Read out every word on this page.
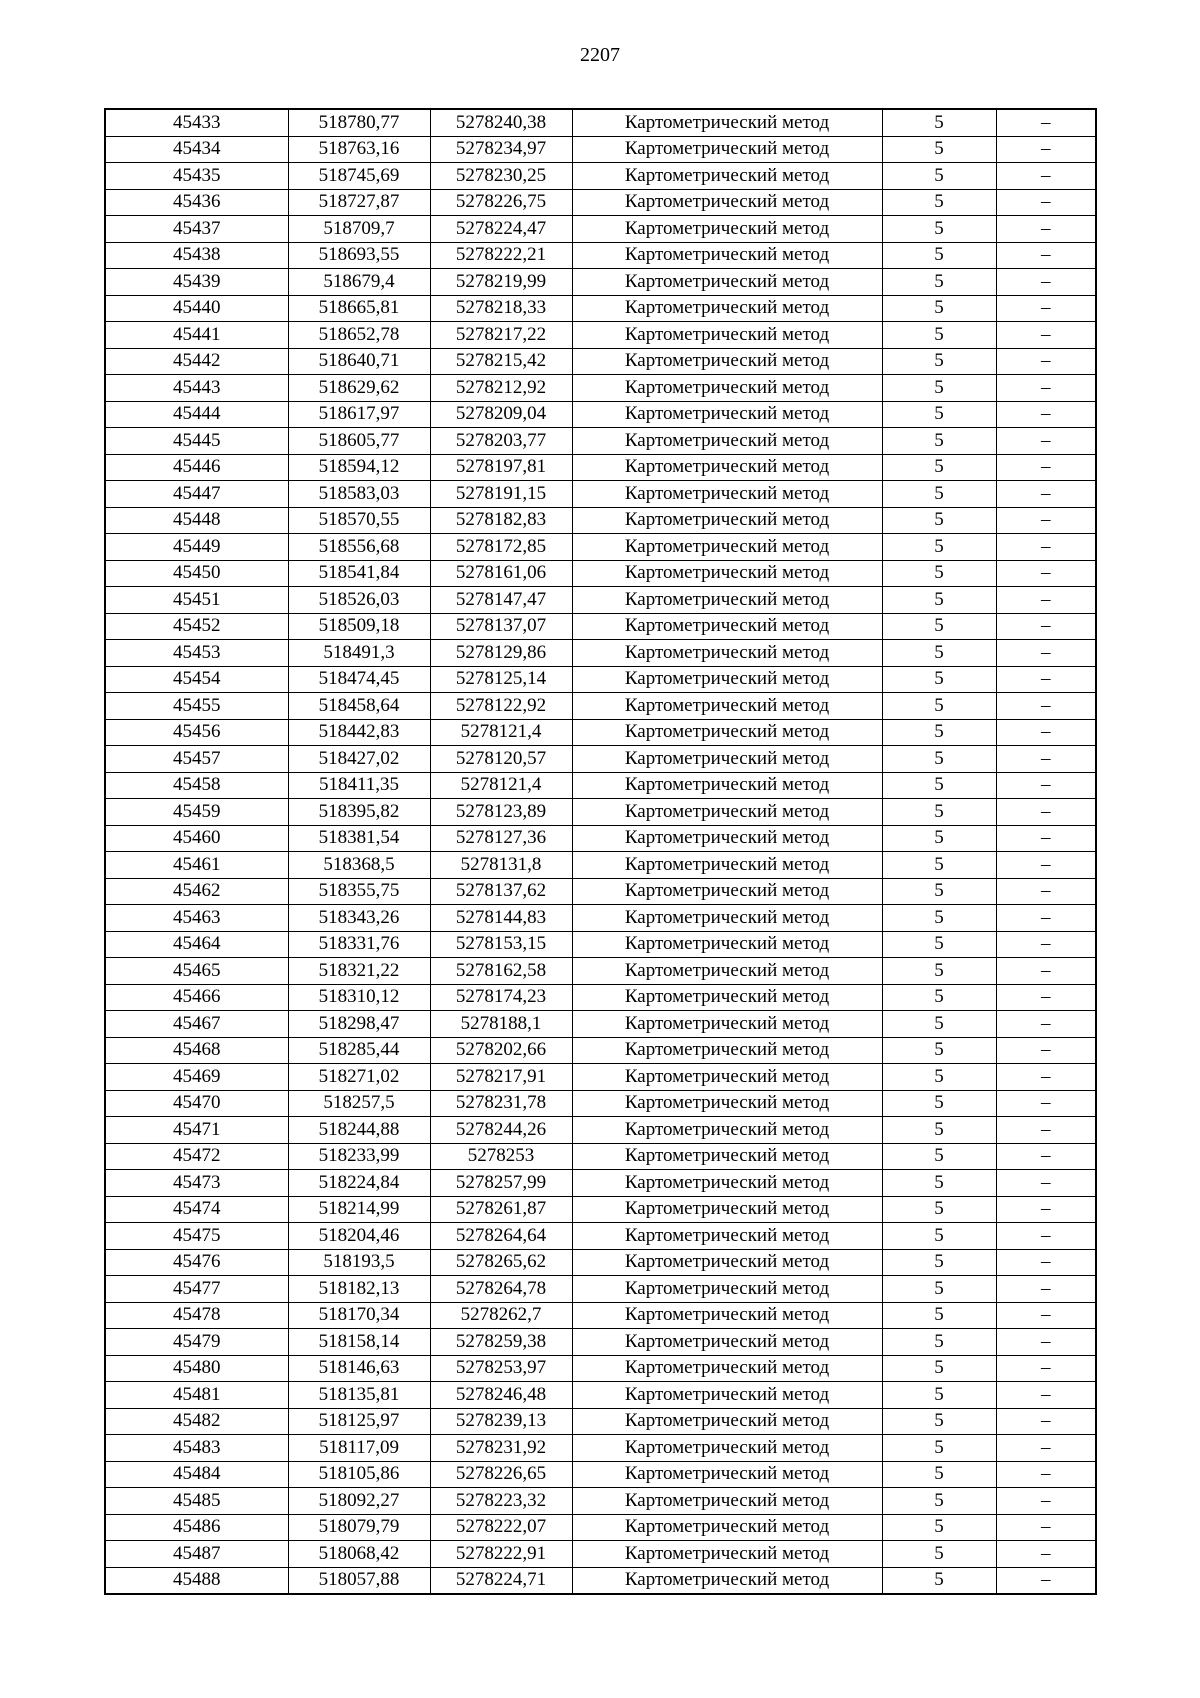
2207
45433	518780,77	5278240,38	Картометрический метод	5	–
45434	518763,16	5278234,97	Картометрический метод	5	–
45435	518745,69	5278230,25	Картометрический метод	5	–
45436	518727,87	5278226,75	Картометрический метод	5	–
45437	518709,7	5278224,47	Картометрический метод	5	–
45438	518693,55	5278222,21	Картометрический метод	5	–
45439	518679,4	5278219,99	Картометрический метод	5	–
45440	518665,81	5278218,33	Картометрический метод	5	–
45441	518652,78	5278217,22	Картометрический метод	5	–
45442	518640,71	5278215,42	Картометрический метод	5	–
45443	518629,62	5278212,92	Картометрический метод	5	–
45444	518617,97	5278209,04	Картометрический метод	5	–
45445	518605,77	5278203,77	Картометрический метод	5	–
45446	518594,12	5278197,81	Картометрический метод	5	–
45447	518583,03	5278191,15	Картометрический метод	5	–
45448	518570,55	5278182,83	Картометрический метод	5	–
45449	518556,68	5278172,85	Картометрический метод	5	–
45450	518541,84	5278161,06	Картометрический метод	5	–
45451	518526,03	5278147,47	Картометрический метод	5	–
45452	518509,18	5278137,07	Картометрический метод	5	–
45453	518491,3	5278129,86	Картометрический метод	5	–
45454	518474,45	5278125,14	Картометрический метод	5	–
45455	518458,64	5278122,92	Картометрический метод	5	–
45456	518442,83	5278121,4	Картометрический метод	5	–
45457	518427,02	5278120,57	Картометрический метод	5	–
45458	518411,35	5278121,4	Картометрический метод	5	–
45459	518395,82	5278123,89	Картометрический метод	5	–
45460	518381,54	5278127,36	Картометрический метод	5	–
45461	518368,5	5278131,8	Картометрический метод	5	–
45462	518355,75	5278137,62	Картометрический метод	5	–
45463	518343,26	5278144,83	Картометрический метод	5	–
45464	518331,76	5278153,15	Картометрический метод	5	–
45465	518321,22	5278162,58	Картометрический метод	5	–
45466	518310,12	5278174,23	Картометрический метод	5	–
45467	518298,47	5278188,1	Картометрический метод	5	–
45468	518285,44	5278202,66	Картометрический метод	5	–
45469	518271,02	5278217,91	Картометрический метод	5	–
45470	518257,5	5278231,78	Картометрический метод	5	–
45471	518244,88	5278244,26	Картометрический метод	5	–
45472	518233,99	5278253	Картометрический метод	5	–
45473	518224,84	5278257,99	Картометрический метод	5	–
45474	518214,99	5278261,87	Картометрический метод	5	–
45475	518204,46	5278264,64	Картометрический метод	5	–
45476	518193,5	5278265,62	Картометрический метод	5	–
45477	518182,13	5278264,78	Картометрический метод	5	–
45478	518170,34	5278262,7	Картометрический метод	5	–
45479	518158,14	5278259,38	Картометрический метод	5	–
45480	518146,63	5278253,97	Картометрический метод	5	–
45481	518135,81	5278246,48	Картометрический метод	5	–
45482	518125,97	5278239,13	Картометрический метод	5	–
45483	518117,09	5278231,92	Картометрический метод	5	–
45484	518105,86	5278226,65	Картометрический метод	5	–
45485	518092,27	5278223,32	Картометрический метод	5	–
45486	518079,79	5278222,07	Картометрический метод	5	–
45487	518068,42	5278222,91	Картометрический метод	5	–
45488	518057,88	5278224,71	Картометрический метод	5	–
